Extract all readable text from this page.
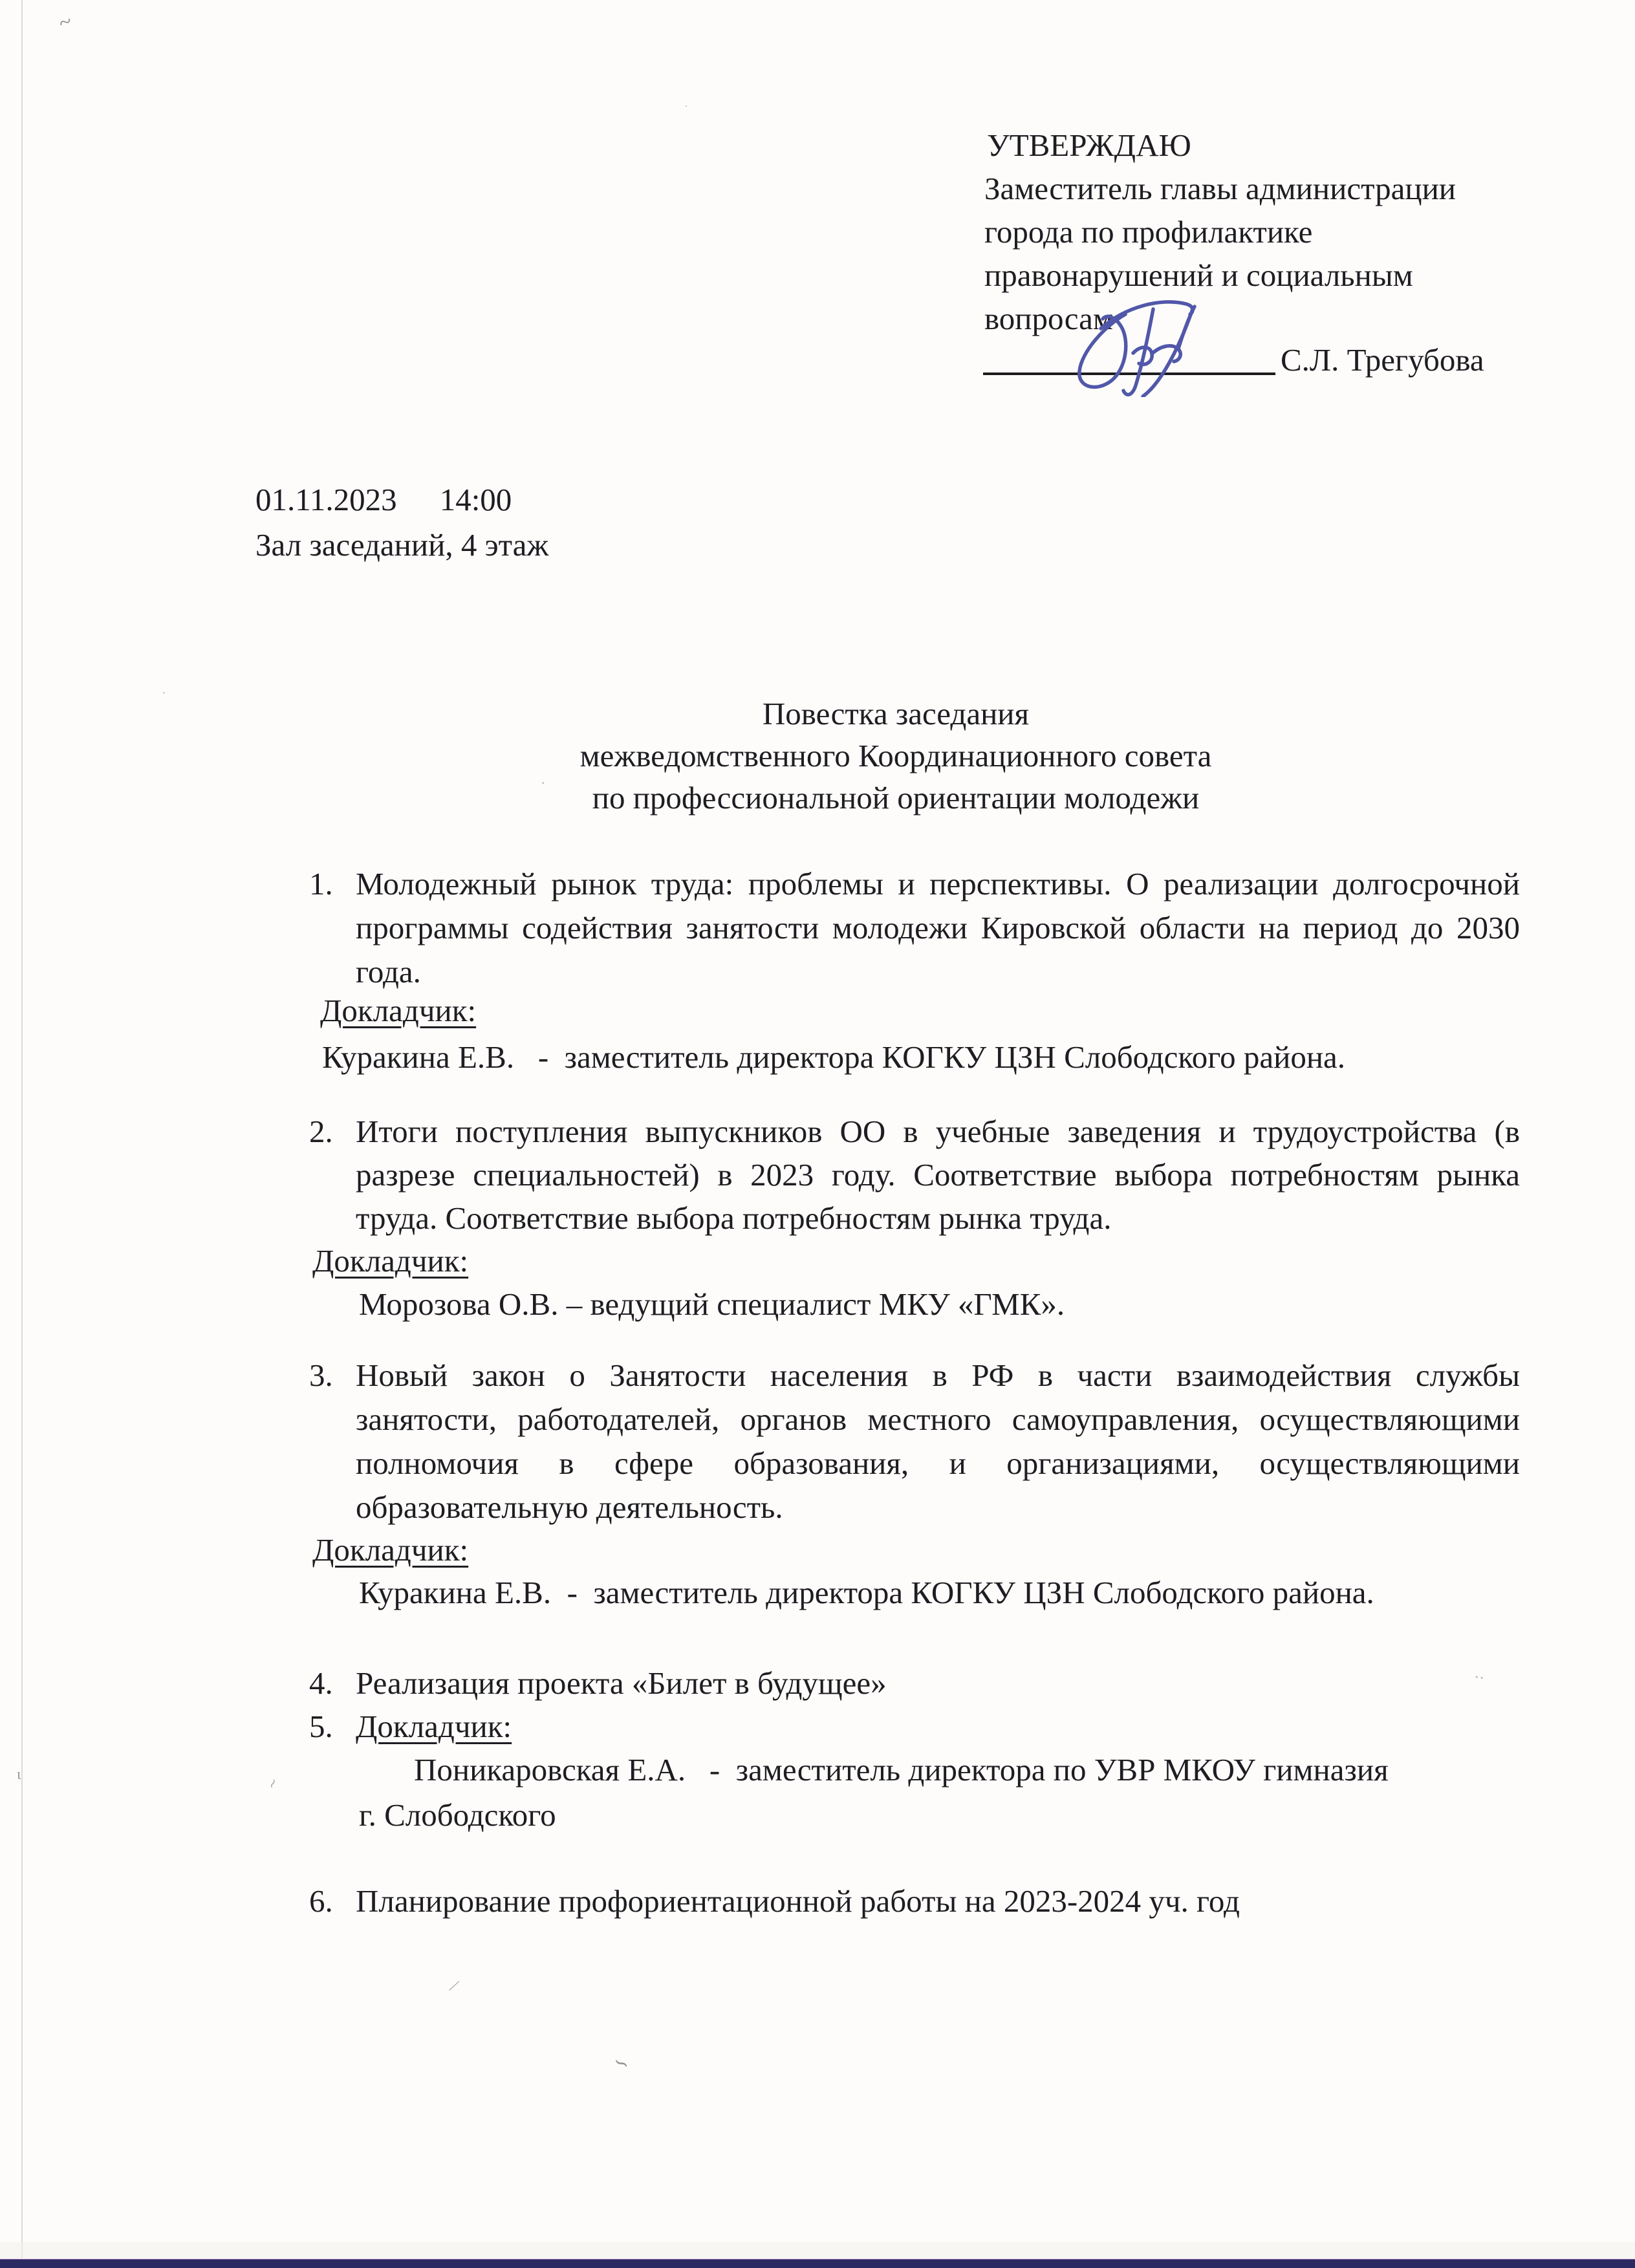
~
·
·
‥
ι
≀
∕
∽
·
УТВЕРЖДАЮ
Заместитель главы администрации
города по профилактике
правонарушений и социальным
вопросам
С.Л. Трегубова
01.11.2023 14:00
Зал заседаний, 4 этаж
Повестка заседания
межведомственного Координационного совета
по профессиональной ориентации молодежи
1. Молодежный рынок труда: проблемы и перспективы. О реализации долгосрочной
программы содействия занятости молодежи Кировской области на период до 2030
года.
Докладчик:
Куракина Е.В.   -  заместитель директора КОГКУ ЦЗН Слободского района.
2. Итоги поступления выпускников ОО в учебные заведения и трудоустройства (в
разрезе специальностей) в 2023 году. Соответствие выбора потребностям рынка
труда. Соответствие выбора потребностям рынка труда.
Докладчик:
Морозова О.В. – ведущий специалист МКУ «ГМК».
3. Новый закон о Занятости населения в РФ в части взаимодействия службы
занятости, работодателей, органов местного самоуправления, осуществляющими
полномочия в сфере образования, и организациями, осуществляющими
образовательную деятельность.
Докладчик:
Куракина Е.В.  -  заместитель директора КОГКУ ЦЗН Слободского района.
4. Реализация проекта «Билет в будущее»
5. Докладчик:
Поникаровская Е.А.   -  заместитель директора по УВР МКОУ гимназия
г. Слободского
6. Планирование профориентационной работы на 2023-2024 уч. год
